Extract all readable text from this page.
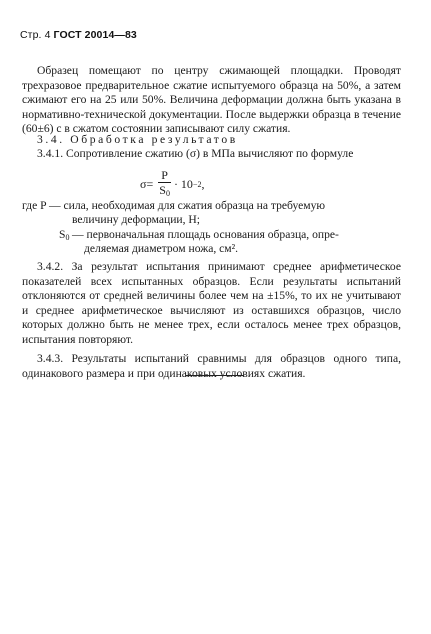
Стр. 4 ГОСТ 20014—83

Образец помещают по центру сжимающей площадки. Проводят трехразовое предварительное сжатие испытуемого образца на 50%, а затем сжимают его на 25 или 50%. Величина деформации должна быть указана в нормативно-технической документации. После выдержки образца в течение (60±6) с в сжатом состоянии записывают силу сжатия.

3.4. Обработка результатов

3.4.1. Сопротивление сжатию (σ) в МПа вычисляют по формуле

$\sigma= \frac{P}{S_0} \cdot 10 -2$ ,
где P — сила, необходимая для сжатия образца на требуемую
величину деформации, Н;
$S_0$ — первоначальная площадь основания образца, опре-
деляемая диаметром ножа, см².

3.4.2. За результат испытания принимают среднее арифметическое показателей всех испытанных образцов. Если результаты испытаний отклоняются от средней величины более чем на ±15%, то их не учитывают и среднее арифметическое вычисляют из оставшихся образцов, число которых должно быть не менее трех, если осталось менее трех образцов, испытания повторяют.

3.4.3. Результаты испытаний сравнимы для образцов одного типа, одинакового размера и при одинаковых условиях сжатия.
